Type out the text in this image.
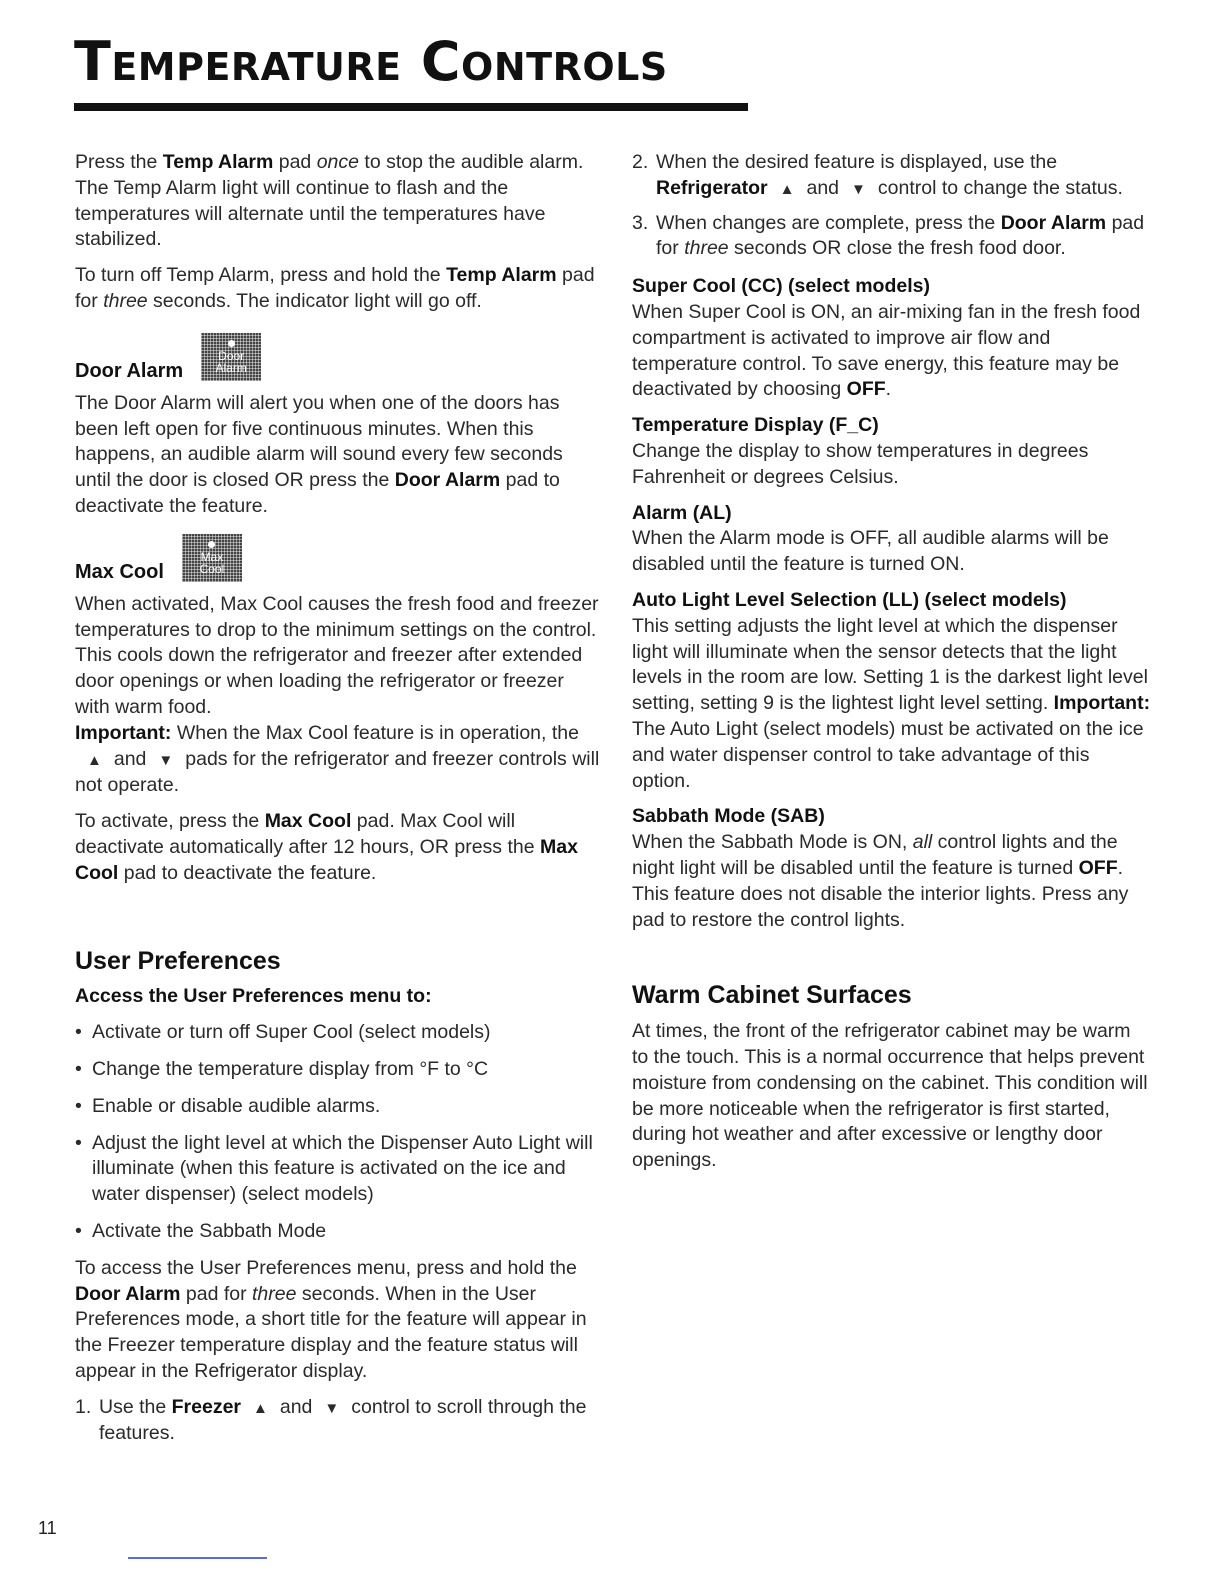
Temperature Controls

Press the Temp Alarm pad once to stop the audible alarm. The Temp Alarm light will continue to flash and the temperatures will alternate until the temperatures have stabilized.

To turn off Temp Alarm, press and hold the Temp Alarm pad for three seconds. The indicator light will go off.

Door Alarm
Door
Alarm

The Door Alarm will alert you when one of the doors has been left open for five continuous minutes. When this happens, an audible alarm will sound every few seconds until the door is closed OR press the Door Alarm pad to deactivate the feature.

Max Cool
Max
Cool

When activated, Max Cool causes the fresh food and freezer temperatures to drop to the minimum settings on the control. This cools down the refrigerator and freezer after extended door openings or when loading the refrigerator or freezer with warm food.

Important: When the Max Cool feature is in operation, the ▲ and ▼ pads for the refrigerator and freezer controls will not operate.

To activate, press the Max Cool pad. Max Cool will deactivate automatically after 12 hours, OR press the Max Cool pad to deactivate the feature.

User Preferences
Access the User Preferences menu to:
• Activate or turn off Super Cool (select models)
• Change the temperature display from °F to °C
• Enable or disable audible alarms.
• Adjust the light level at which the Dispenser Auto Light will illuminate (when this feature is activated on the ice and water dispenser) (select models)
• Activate the Sabbath Mode

To access the User Preferences menu, press and hold the Door Alarm pad for three seconds. When in the User Preferences mode, a short title for the feature will appear in the Freezer temperature display and the feature status will appear in the Refrigerator display.

1. Use the Freezer ▲ and ▼ control to scroll through the features.
2. When the desired feature is displayed, use the
Refrigerator ▲ and ▼ control to change the status.
3. When changes are complete, press the Door Alarm pad for three seconds OR close the fresh food door.
Super Cool (CC) (select models)
When Super Cool is ON, an air-mixing fan in the fresh food compartment is activated to improve air flow and temperature control. To save energy, this feature may be deactivated by choosing OFF.
Temperature Display (F_C)
Change the display to show temperatures in degrees Fahrenheit or degrees Celsius.
Alarm (AL)
When the Alarm mode is OFF, all audible alarms will be disabled until the feature is turned ON.
Auto Light Level Selection (LL) (select models)
This setting adjusts the light level at which the dispenser light will illuminate when the sensor detects that the light levels in the room are low. Setting 1 is the darkest light level setting, setting 9 is the lightest light level setting. Important: The Auto Light (select models) must be activated on the ice and water dispenser control to take advantage of this option.
Sabbath Mode (SAB)
When the Sabbath Mode is ON, all control lights and the night light will be disabled until the feature is turned OFF. This feature does not disable the interior lights. Press any pad to restore the control lights.
Warm Cabinet Surfaces

At times, the front of the refrigerator cabinet may be warm to the touch. This is a normal occurrence that helps prevent moisture from condensing on the cabinet. This condition will be more noticeable when the refrigerator is first started, during hot weather and after excessive or lengthy door openings.

11
